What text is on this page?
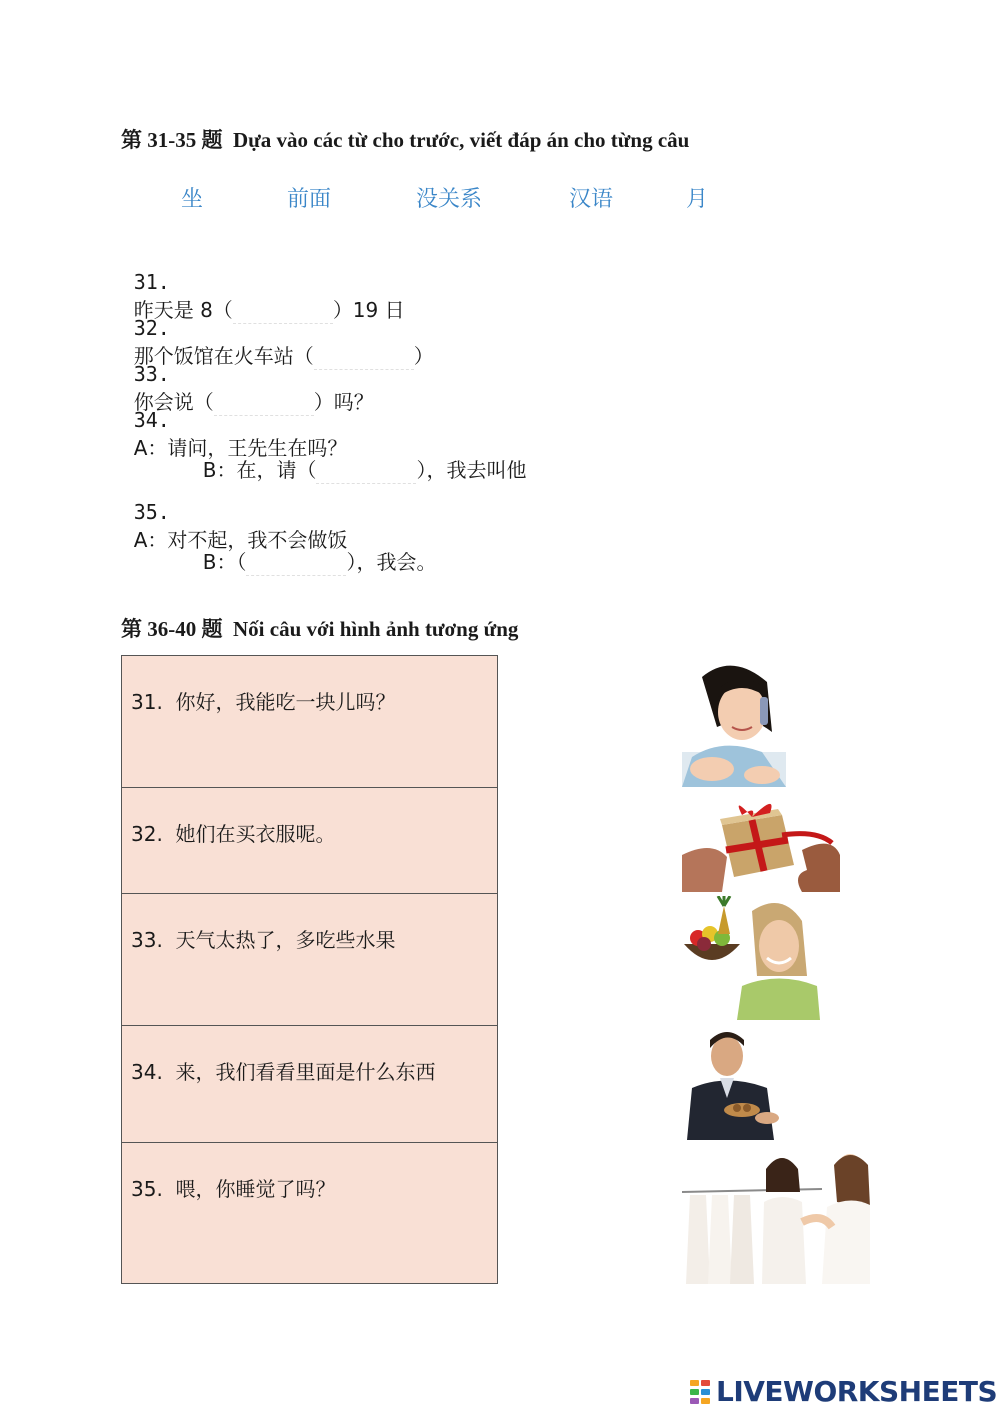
第 31-35 题 Dựa vào các từ cho trước, viết đáp án cho từng câu
坐	前面	没关系	汉语	月

31.
昨天是 8（	）19 日

32.
那个饭馆在火车站（	）

33.
你会说（	）吗？

34.
A：请问，王先生在吗？

B：在，请（	），我去叫他

35.
A：对不起，我不会做饭

B：（	），我会。

第 36-40 题 Nối câu với hình ảnh tương ứng
31. 你好，我能吃一块儿吗？
32. 她们在买衣服呢。
33. 天气太热了，多吃些水果
34. 来，我们看看里面是什么东西
35. 喂，你睡觉了吗？
LIVEWORKSHEETS
